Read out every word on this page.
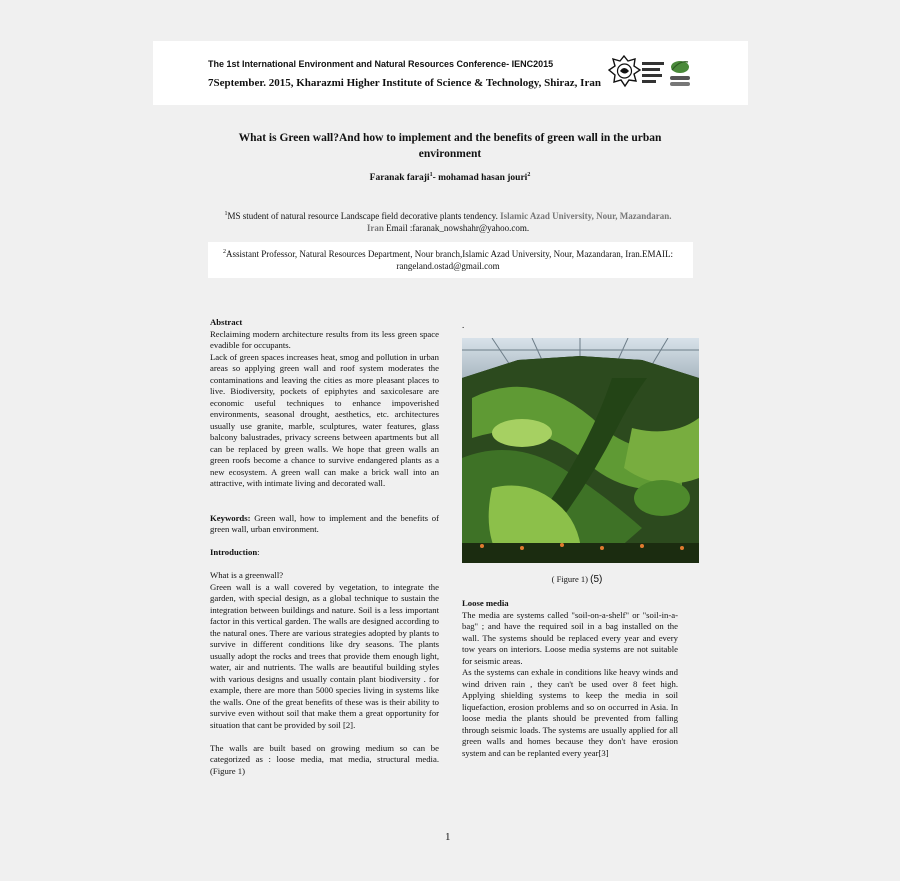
The 1st International Environment and Natural Resources Conference- IENC2015
7September. 2015, Kharazmi Higher Institute of Science & Technology, Shiraz, Iran
What is Green wall?And how to implement and the benefits of green wall in the urban environment
Faranak faraji$^1$- mohamad hasan jouri$^2$
$^1$MS student of natural resource Landscape field decorative plants tendency. Islamic Azad University, Nour, Mazandaran. Iran Email :faranak_nowshahr@yahoo.com.
$^2$Assistant Professor, Natural Resources Department, Nour branch,Islamic Azad University, Nour, Mazandaran, Iran.EMAIL: rangeland.ostad@gmail.com

Abstract

Reclaiming modern architecture results from its less green space evadible for occupants.

Lack of green spaces increases heat, smog and pollution in urban areas so applying green wall and roof system moderates the contaminations and leaving the cities as more pleasant places to live. Biodiversity, pockets of epiphytes and saxicolesare are economic useful techniques to enhance impoverished environments, seasonal drought, aesthetics, etc. architectures usually use granite, marble, sculptures, water features, glass balcony balustrades, privacy screens between apartments but all can be replaced by green walls. We hope that green walls an green roofs become a chance to survive endangered plants as a new ecosystem. A green wall can make a brick wall into an attractive, with intimate living and decorated wall.

Keywords: Green wall, how to implement and the benefits of green wall, urban environment.

Introduction:

What is a greenwall?

Green wall is a wall covered by vegetation, to integrate the garden, with special design, as a global technique to sustain the integration between buildings and nature. Soil is a less important factor in this vertical garden. The walls are designed according to the natural ones. There are various strategies adopted by plants to survive in different conditions like dry seasons. The plants usually adopt the rocks and trees that provide them enough light, water, air and nutrients. The walls are beautiful building styles with various designs and usually contain plant biodiversity . for example, there are more than 5000 species living in systems like the walls. One of the great benefits of these was is their ability to survive even without soil that make them a great opportunity for situation that cant be provided by soil [2].

The walls are built based on growing medium so can be categorized as : loose media, mat media, structural media. (Figure 1)

.
( Figure 1) (5)

Loose media

The media are systems called "soil-on-a-shelf" or "soil-in-a-bag" ; and have the required soil in a bag installed on the wall. The systems should be replaced every year and every tow years on interiors. Loose media systems are not suitable for seismic areas.

As the systems can exhale in conditions like heavy winds and wind driven rain , they can't be used over 8 feet high. Applying shielding systems to keep the media in soil liquefaction, erosion problems and so on occurred in Asia. In loose media the plants should be prevented from falling through seismic loads. The systems are usually applied for all green walls and homes because they don't have erosion system and can be replanted every year[3]

1
